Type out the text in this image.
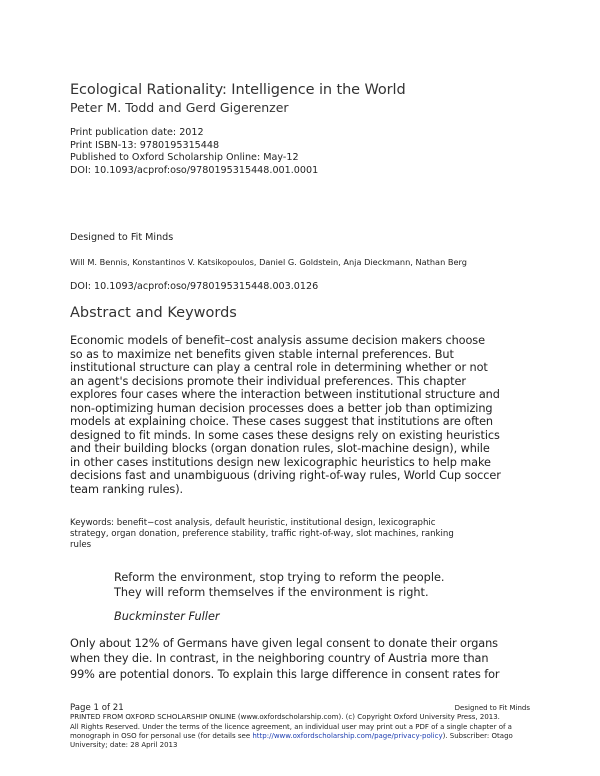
Ecological Rationality: Intelligence in the World
Peter M. Todd and Gerd Gigerenzer
Print publication date: 2012
Print ISBN-13: 9780195315448
Published to Oxford Scholarship Online: May-12
DOI: 10.1093/acprof:oso/9780195315448.001.0001
Designed to Fit Minds
Will M. Bennis, Konstantinos V. Katsikopoulos, Daniel G. Goldstein, Anja Dieckmann, Nathan Berg
DOI: 10.1093/acprof:oso/9780195315448.003.0126
Abstract and Keywords
Economic models of benefit–cost analysis assume decision makers choose
so as to maximize net benefits given stable internal preferences. But
institutional structure can play a central role in determining whether or not
an agent's decisions promote their individual preferences. This chapter
explores four cases where the interaction between institutional structure and
non-optimizing human decision processes does a better job than optimizing
models at explaining choice. These cases suggest that institutions are often
designed to fit minds. In some cases these designs rely on existing heuristics
and their building blocks (organ donation rules, slot-machine design), while
in other cases institutions design new lexicographic heuristics to help make
decisions fast and unambiguous (driving right-of-way rules, World Cup soccer
team ranking rules).
Keywords: benefit−cost analysis, default heuristic, institutional design, lexicographic
strategy, organ donation, preference stability, traffic right-of-way, slot machines, ranking
rules
Reform the environment, stop trying to reform the people.
They will reform themselves if the environment is right.
Buckminster Fuller
Only about 12% of Germans have given legal consent to donate their organs
when they die. In contrast, in the neighboring country of Austria more than
99% are potential donors. To explain this large difference in consent rates for
Page 1 of 21	Designed to Fit Minds
PRINTED FROM OXFORD SCHOLARSHIP ONLINE (www.oxfordscholarship.com). (c) Copyright Oxford University Press, 2013.
All Rights Reserved. Under the terms of the licence agreement, an individual user may print out a PDF of a single chapter of a
monograph in OSO for personal use (for details see http://www.oxfordscholarship.com/page/privacy-policy). Subscriber: Otago
University; date: 28 April 2013
